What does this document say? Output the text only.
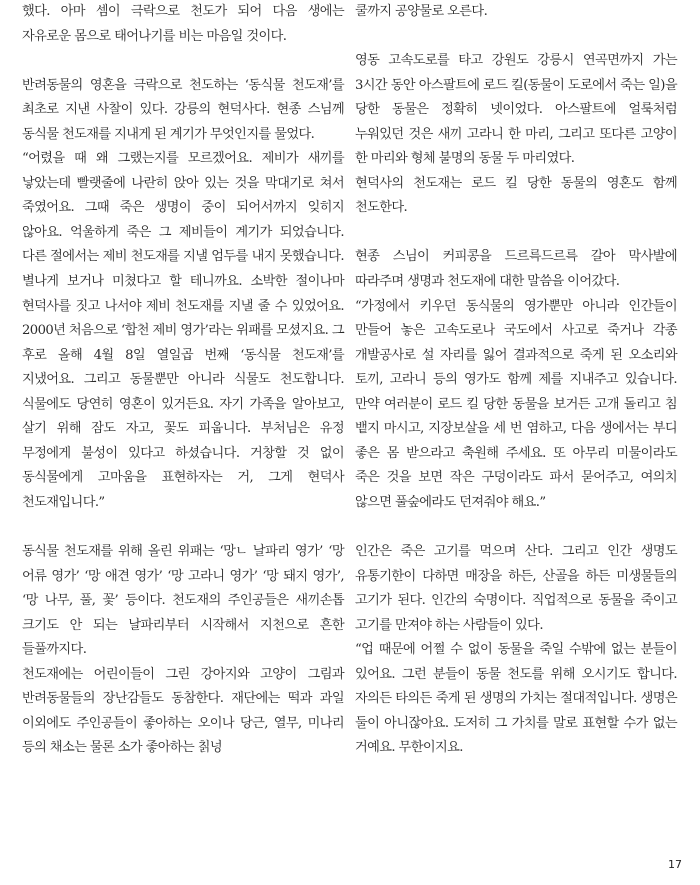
했다. 아마 셈이 극락으로 천도가 되어 다음 생에는 자유로운 몸으로 태어나기를 비는 마음일 것이다.

반려동물의 영혼을 극락으로 천도하는 ‘동식물 천도재’를 최초로 지낸 사찰이 있다. 강릉의 현덕사다. 현종 스님께 동식물 천도재를 지내게 된 계기가 무엇인지를 물었다.

“어렸을 때 왜 그랬는지를 모르겠어요. 제비가 새끼를 낳았는데 빨랫줄에 나란히 앉아 있는 것을 막대기로 쳐서 죽였어요. 그때 죽은 생명이 중이 되어서까지 잊히지 않아요. 억울하게 죽은 그 제비들이 계기가 되었습니다. 다른 절에서는 제비 천도재를 지낼 엄두를 내지 못했습니다. 별나게 보거나 미쳤다고 할 테니까요. 소박한 절이나마 현덕사를 짓고 나서야 제비 천도재를 지낼 줄 수 있었어요. 2000년 처음으로 ‘합천 제비 영가’라는 위패를 모셨지요. 그 후로 올해 4월 8일 열일곱 번째 ‘동식물 천도재’를 지냈어요. 그리고 동물뿐만 아니라 식물도 천도합니다. 식물에도 당연히 영혼이 있거든요. 자기 가족을 알아보고, 살기 위해 잠도 자고, 꽃도 피웁니다. 부처님은 유정 무정에게 불성이 있다고 하셨습니다. 거창할 것 없이 동식물에게 고마움을 표현하자는 거, 그게 현덕사 천도재입니다.”

동식물 천도재를 위해 올린 위패는 ‘망ㄴ 날파리 영가’ ‘망 어류 영가’ ‘망 애견 영가’ ‘망 고라니 영가’ ‘망 돼지 영가’, ‘망 나무, 풀, 꽃’ 등이다. 천도재의 주인공들은 새끼손톱 크기도 안 되는 날파리부터 시작해서 지천으로 흔한 들풀까지다.

천도재에는 어린이들이 그린 강아지와 고양이 그림과 반려동물들의 장난감들도 동참한다. 재단에는 떡과 과일 이외에도 주인공들이 좋아하는 오이나 당근, 열무, 미나리 등의 채소는 물론 소가 좋아하는 칡넝

쿨까지 공양물로 오른다.

영동 고속도로를 타고 강원도 강릉시 연곡면까지 가는 3시간 동안 아스팔트에 로드 킬(동물이 도로에서 죽는 일)을 당한 동물은 정확히 넷이었다. 아스팔트에 얼룩처럼 누워있던 것은 새끼 고라니 한 마리, 그리고 또다른 고양이 한 마리와 형체 불명의 동물 두 마리였다.

현덕사의 천도재는 로드 킬 당한 동물의 영혼도 함께 천도한다.

현종 스님이 커피콩을 드르륵드르륵 갈아 막사발에 따라주며 생명과 천도재에 대한 말씀을 이어갔다.

“가정에서 키우던 동식물의 영가뿐만 아니라 인간들이 만들어 놓은 고속도로나 국도에서 사고로 죽거나 각종 개발공사로 설 자리를 잃어 결과적으로 죽게 된 오소리와 토끼, 고라니 등의 영가도 함께 제를 지내주고 있습니다. 만약 여러분이 로드 킬 당한 동물을 보거든 고개 돌리고 침 뱉지 마시고, 지장보살을 세 번 염하고, 다음 생에서는 부디 좋은 몸 받으라고 축원해 주세요. 또 아무리 미물이라도 죽은 것을 보면 작은 구덩이라도 파서 묻어주고, 여의치 않으면 풀숲에라도 던져줘야 해요.”

인간은 죽은 고기를 먹으며 산다. 그리고 인간 생명도 유통기한이 다하면 매장을 하든, 산골을 하든 미생물들의 고기가 된다. 인간의 숙명이다. 직업적으로 동물을 죽이고 고기를 만져야 하는 사람들이 있다.

“업 때문에 어쩔 수 없이 동물을 죽일 수밖에 없는 분들이 있어요. 그런 분들이 동물 천도를 위해 오시기도 합니다. 자의든 타의든 죽게 된 생명의 가치는 절대적입니다. 생명은 둘이 아니잖아요. 도저히 그 가치를 말로 표현할 수가 없는 거예요. 무한이지요.

17
